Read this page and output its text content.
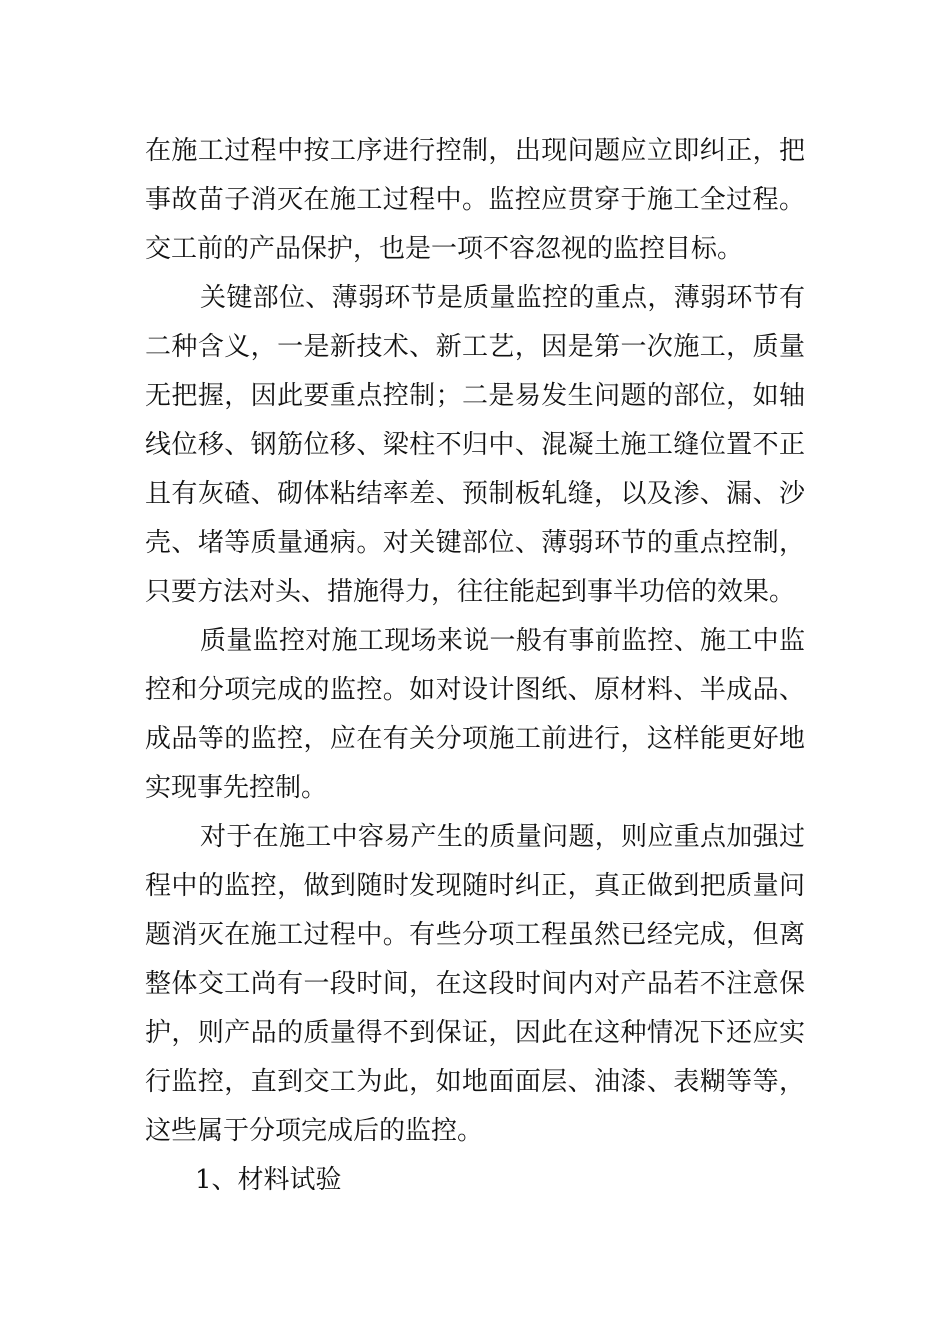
在施工过程中按工序进行控制，出现问题应立即纠正，把
事故苗子消灭在施工过程中。监控应贯穿于施工全过程。
交工前的产品保护，也是一项不容忽视的监控目标。
关键部位、薄弱环节是质量监控的重点，薄弱环节有
二种含义，一是新技术、新工艺，因是第一次施工，质量
无把握，因此要重点控制；二是易发生问题的部位，如轴
线位移、钢筋位移、梁柱不归中、混凝土施工缝位置不正
且有灰碴、砌体粘结率差、预制板轧缝，以及渗、漏、沙
壳、堵等质量通病。对关键部位、薄弱环节的重点控制，
只要方法对头、措施得力，往往能起到事半功倍的效果。
质量监控对施工现场来说一般有事前监控、施工中监
控和分项完成的监控。如对设计图纸、原材料、半成品、
成品等的监控，应在有关分项施工前进行，这样能更好地
实现事先控制。
对于在施工中容易产生的质量问题，则应重点加强过
程中的监控，做到随时发现随时纠正，真正做到把质量问
题消灭在施工过程中。有些分项工程虽然已经完成，但离
整体交工尚有一段时间，在这段时间内对产品若不注意保
护，则产品的质量得不到保证，因此在这种情况下还应实
行监控，直到交工为此，如地面面层、油漆、表糊等等，
这些属于分项完成后的监控。
1、材料试验
